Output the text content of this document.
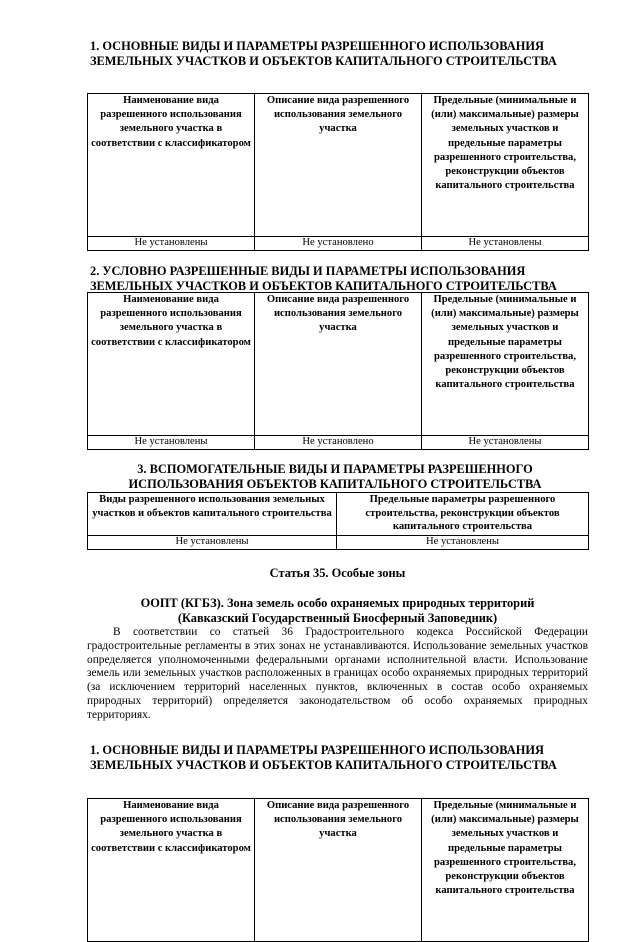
1. ОСНОВНЫЕ ВИДЫ И ПАРАМЕТРЫ РАЗРЕШЕННОГО ИСПОЛЬЗОВАНИЯ ЗЕМЕЛЬНЫХ УЧАСТКОВ И ОБЪЕКТОВ КАПИТАЛЬНОГО СТРОИТЕЛЬСТВА

Наименование вида разрешенного использования земельного участка в соответствии с классификатором	Описание вида разрешенного использования земельного участка	Предельные (минимальные и (или) максимальные) размеры земельных участков и предельные параметры разрешенного строительства, реконструкции объектов капитального строительства
Не установлены	Не установлено	Не установлены

2. УСЛОВНО РАЗРЕШЕННЫЕ ВИДЫ И ПАРАМЕТРЫ ИСПОЛЬЗОВАНИЯ ЗЕМЕЛЬНЫХ УЧАСТКОВ И ОБЪЕКТОВ КАПИТАЛЬНОГО СТРОИТЕЛЬСТВА

Наименование вида разрешенного использования земельного участка в соответствии с классификатором	Описание вида разрешенного использования земельного участка	Предельные (минимальные и (или) максимальные) размеры земельных участков и предельные параметры разрешенного строительства, реконструкции объектов капитального строительства
Не установлены	Не установлено	Не установлены

3. ВСПОМОГАТЕЛЬНЫЕ ВИДЫ И ПАРАМЕТРЫ РАЗРЕШЕННОГО ИСПОЛЬЗОВАНИЯ ОБЪЕКТОВ КАПИТАЛЬНОГО СТРОИТЕЛЬСТВА

Виды разрешенного использования земельных участков и объектов капитального строительства	Предельные параметры разрешенного строительства, реконструкции объектов капитального строительства
Не установлены	Не установлены

Статья 35. Особые зоны

ООПТ (КГБЗ). Зона земель особо охраняемых природных территорий

(Кавказский Государственный Биосферный Заповедник)

В соответствии со статьей 36 Градостроительного кодекса Российской Федерации градостроительные регламенты в этих зонах не устанавливаются. Использование земельных участков определяется уполномоченными федеральными органами исполнительной власти. Использование земель или земельных участков расположенных в границах особо охраняемых природных территорий (за исключением территорий населенных пунктов, включенных в состав особо охраняемых природных территорий) определяется законодательством об особо охраняемых природных территориях.

1. ОСНОВНЫЕ ВИДЫ И ПАРАМЕТРЫ РАЗРЕШЕННОГО ИСПОЛЬЗОВАНИЯ ЗЕМЕЛЬНЫХ УЧАСТКОВ И ОБЪЕКТОВ КАПИТАЛЬНОГО СТРОИТЕЛЬСТВА

Наименование вида разрешенного использования земельного участка в соответствии с классификатором	Описание вида разрешенного использования земельного участка	Предельные (минимальные и (или) максимальные) размеры земельных участков и предельные параметры разрешенного строительства, реконструкции объектов капитального строительства
